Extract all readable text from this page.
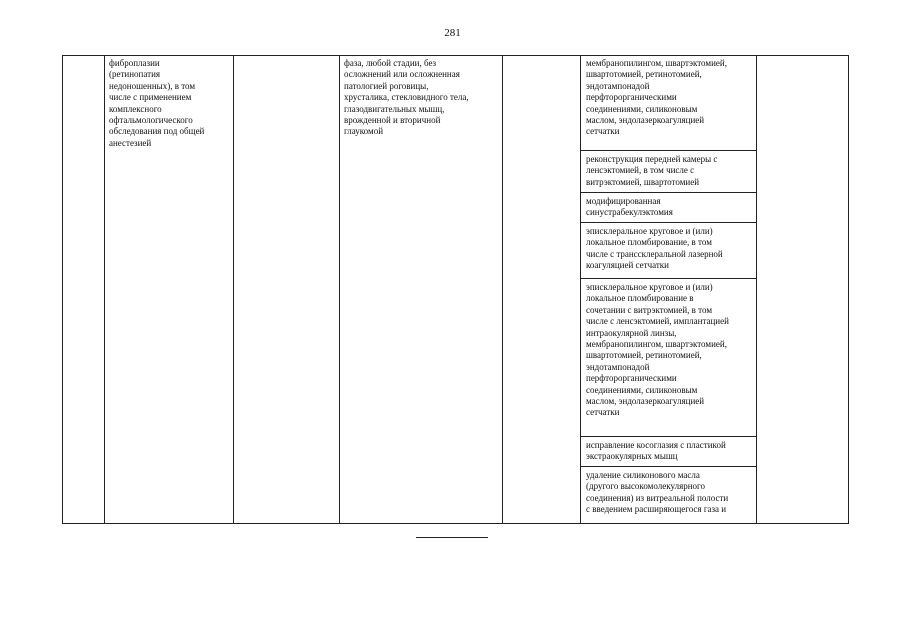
281
фиброплазии
(ретинопатия
недоношенных), в том
числе с применением
комплексного
офтальмологического
обследования под общей
анестезией
фаза, любой стадии, без
осложнений или осложненная
патологией роговицы,
хрусталика, стекловидного тела,
глазодвигательных мышц,
врожденной и вторичной
глаукомой
мембранопилингом, швартэктомией,
швартотомией, ретинотомией,
эндотампонадой
перфторорганическими
соединениями, силиконовым
маслом, эндолазеркоагуляцией
сетчатки
реконструкция передней камеры с
ленсэктомией, в том числе с
витрэктомией, швартотомией
модифицированная
синустрабекулэктомия
эписклеральное круговое и (или)
локальное пломбирование, в том
числе с транссклеральной лазерной
коагуляцией сетчатки
эписклеральное круговое и (или)
локальное пломбирование в
сочетании с витрэктомией, в том
числе с ленсэктомией, имплантацией
интраокулярной линзы,
мембранопилингом, швартэктомией,
швартотомией, ретинотомией,
эндотампонадой
перфторорганическими
соединениями, силиконовым
маслом, эндолазеркоагуляцией
сетчатки
исправление косоглазия с пластикой
экстраокулярных мышц
удаление силиконового масла
(другого высокомолекулярного
соединения) из витреальной полости
с введением расширяющегося газа и
